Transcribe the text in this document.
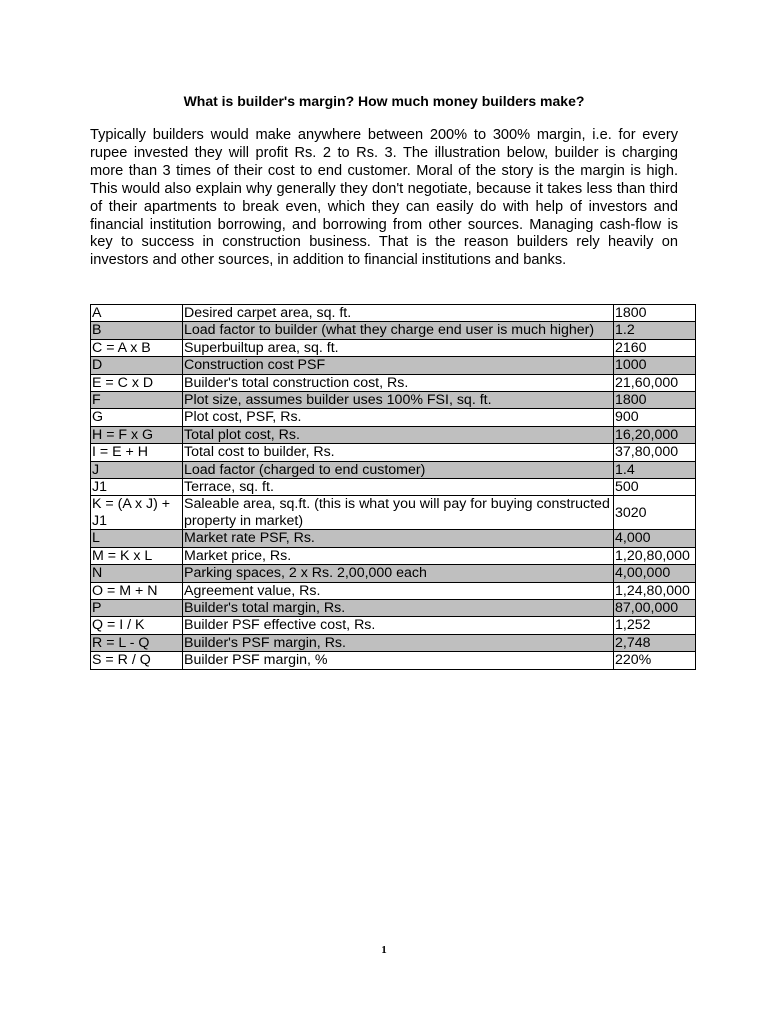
What is builder's margin? How much money builders make?

Typically builders would make anywhere between 200% to 300% margin, i.e. for every rupee invested they will profit Rs. 2 to Rs. 3. The illustration below, builder is charging more than 3 times of their cost to end customer. Moral of the story is the margin is high. This would also explain why generally they don't negotiate, because it takes less than third of their apartments to break even, which they can easily do with help of investors and financial institution borrowing, and borrowing from other sources. Managing cash-flow is key to success in construction business. That is the reason builders rely heavily on investors and other sources, in addition to financial institutions and banks.

A	Desired carpet area, sq. ft.	1800
B	Load factor to builder (what they charge end user is much higher)	1.2
C = A x B	Superbuiltup area, sq. ft.	2160
D	Construction cost PSF	1000
E = C x D	Builder's total construction cost, Rs.	21,60,000
F	Plot size, assumes builder uses 100% FSI, sq. ft.	1800
G	Plot cost, PSF, Rs.	900
H = F x G	Total plot cost, Rs.	16,20,000
I = E + H	Total cost to builder, Rs.	37,80,000
J	Load factor (charged to end customer)	1.4
J1	Terrace, sq. ft.	500
K = (A x J) + J1	Saleable area, sq.ft. (this is what you will pay for buying constructed property in market)	3020
L	Market rate PSF, Rs.	4,000
M = K x L	Market price, Rs.	1,20,80,000
N	Parking spaces, 2 x Rs. 2,00,000 each	4,00,000
O = M + N	Agreement value, Rs.	1,24,80,000
P	Builder's total margin, Rs.	87,00,000
Q = I / K	Builder PSF effective cost, Rs.	1,252
R = L - Q	Builder's PSF margin, Rs.	2,748
S = R / Q	Builder PSF margin, %	220%
1
